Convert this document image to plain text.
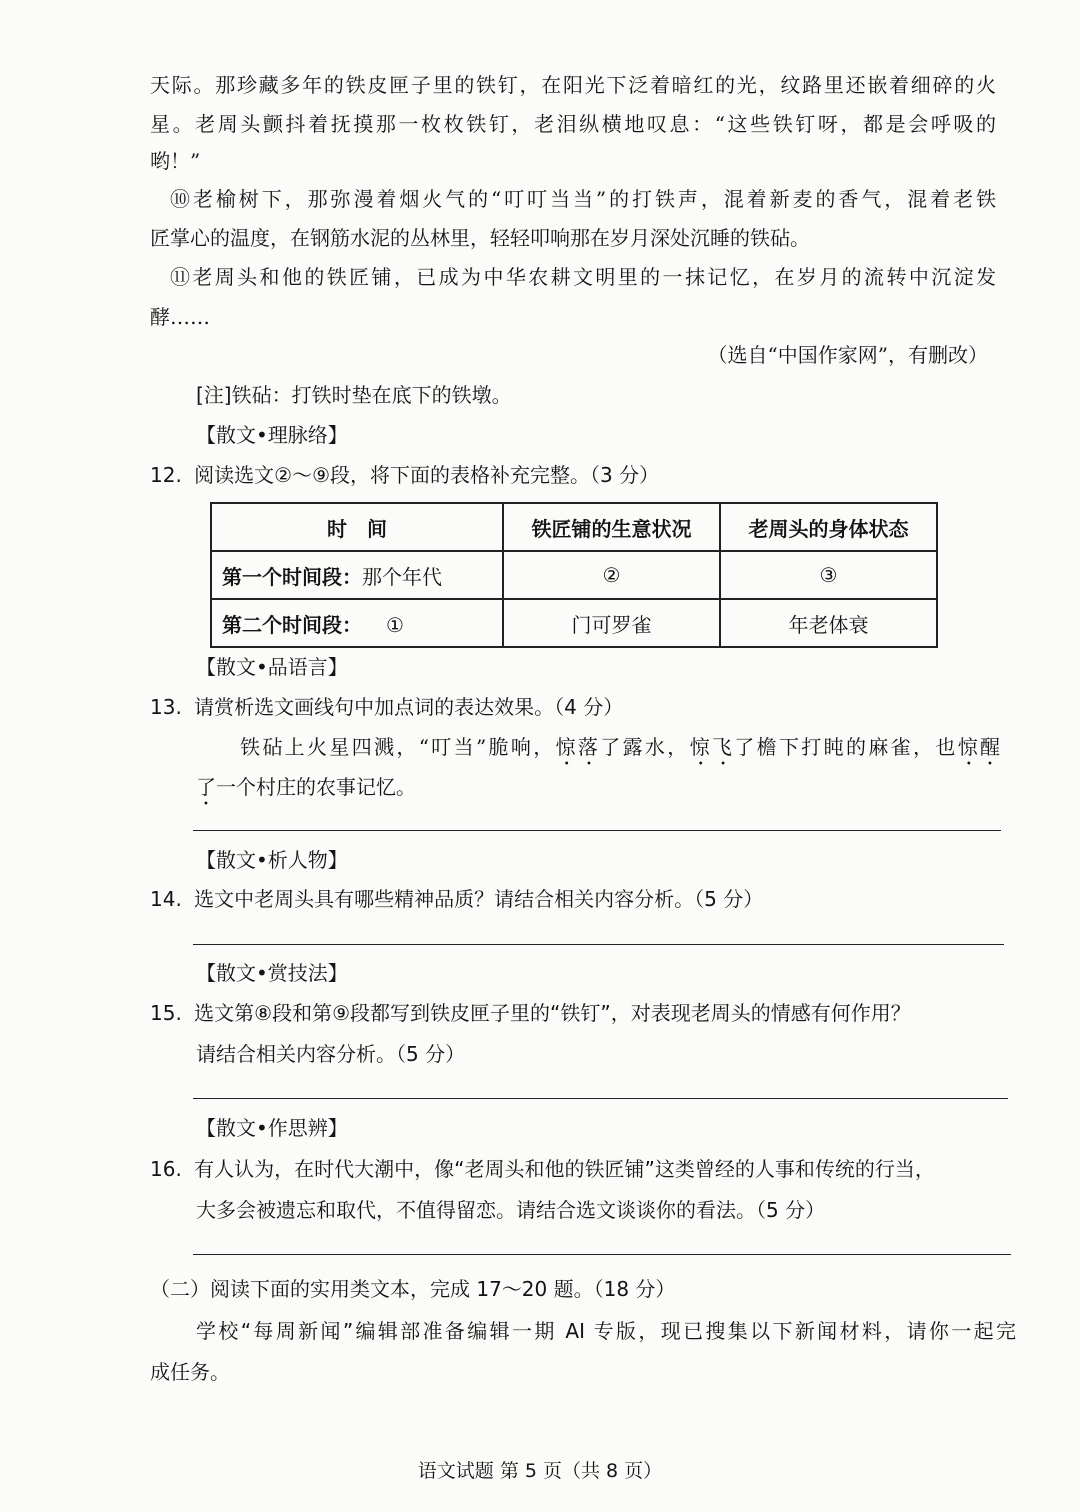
天际。那珍藏多年的铁皮匣子里的铁钉，在阳光下泛着暗红的光，纹路里还嵌着细碎的火
星。老周头颤抖着抚摸那一枚枚铁钉，老泪纵横地叹息：“这些铁钉呀，都是会呼吸的
哟！”
⑩老榆树下，那弥漫着烟火气的“叮叮当当”的打铁声，混着新麦的香气，混着老铁
匠掌心的温度，在钢筋水泥的丛林里，轻轻叩响那在岁月深处沉睡的铁砧。
⑪老周头和他的铁匠铺，已成为中华农耕文明里的一抹记忆，在岁月的流转中沉淀发
酵……
（选自“中国作家网”，有删改）
[注]铁砧：打铁时垫在底下的铁墩。
【散文•理脉络】
12. 阅读选文②～⑨段，将下面的表格补充完整。（3 分）
时　间	铁匠铺的生意状况	老周头的身体状态
第一个时间段：那个年代	②	③
第二个时间段： ①	门可罗雀	年老体衰
【散文•品语言】
13. 请赏析选文画线句中加点词的表达效果。（4 分）
铁砧上火星四溅，“叮当”脆响，惊落了露水，惊飞了檐下打盹的麻雀，也惊醒
了一个村庄的农事记忆。
【散文•析人物】
14. 选文中老周头具有哪些精神品质？请结合相关内容分析。（5 分）
【散文•赏技法】
15. 选文第⑧段和第⑨段都写到铁皮匣子里的“铁钉”，对表现老周头的情感有何作用？
请结合相关内容分析。（5 分）
【散文•作思辨】
16. 有人认为，在时代大潮中，像“老周头和他的铁匠铺”这类曾经的人事和传统的行当，
大多会被遗忘和取代，不值得留恋。请结合选文谈谈你的看法。（5 分）
（二）阅读下面的实用类文本，完成 17～20 题。（18 分）
学校“每周新闻”编辑部准备编辑一期 AI 专版，现已搜集以下新闻材料，请你一起完
成任务。
语文试题 第 5 页（共 8 页）
